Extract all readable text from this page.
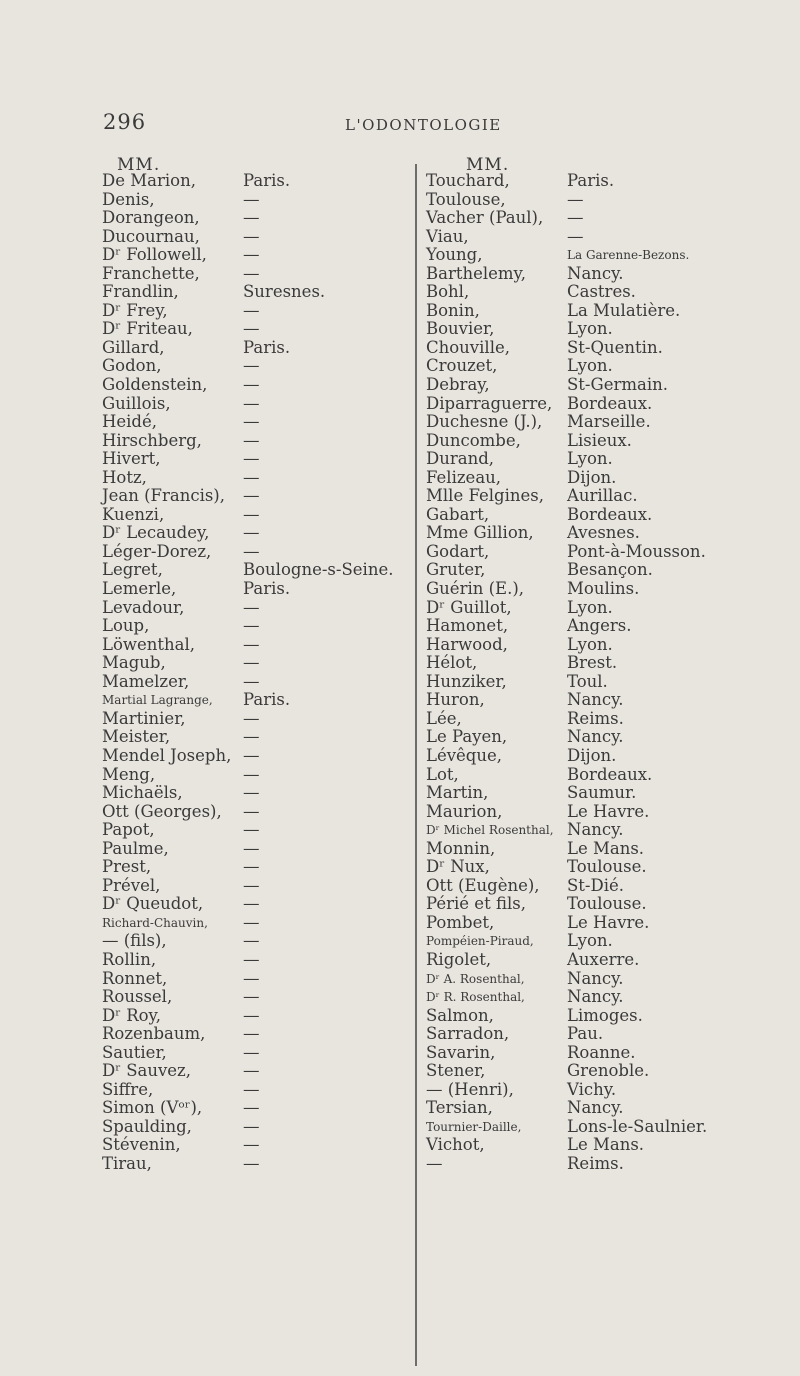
296	L'ODONTOLOGIE
MM.	MM.
De Marion,	Paris.
Denis,	—
Dorangeon,	—
Ducournau,	—
Dʳ Followell, —
Franchette,	—
Frandlin,	Suresnes.
Dʳ Frey,	—
Dʳ Friteau,	—
Gillard,	Paris.
Godon,	—
Goldenstein, —
Guillois,	—
Heidé,	—
Hirschberg, —
Hivert,	—
Hotz,	—
Jean (Francis), —
Kuenzi,	—
Dʳ Lecaudey, —
Léger-Dorez, —
Legret,	Boulogne-s-Seine.
Lemerle,	Paris.
Levadour,	—
Loup,	—
Löwenthal,	—
Magub,	—
Mamelzer,	—
Martial Lagrange, Paris.
Martinier,	—
Meister,	—
Mendel Joseph, —
Meng,	—
Michaëls,	—
Ott (Georges), —
Papot,	—
Paulme,	—
Prest,	—
Prével,	—
Dʳ Queudot, —
Richard-Chauvin, —
— (fils),	—
Rollin,	—
Ronnet,	—
Roussel,	—
Dʳ Roy,	—
Rozenbaum, —
Sautier,	—
Dʳ Sauvez,	—
Siffre,	—
Simon (Vᵒʳ), —
Spaulding,	—
Stévenin,	—
Tirau,	—
Touchard,	Paris.
Toulouse,	—
Vacher (Paul), —
Viau,	—
Young,	La Garenne-Bezons.
Barthelemy, Nancy.
Bohl,	Castres.
Bonin,	La Mulatière.
Bouvier,	Lyon.
Chouville,	St-Quentin.
Crouzet,	Lyon.
Debray,	St-Germain.
Diparraguerre, Bordeaux.
Duchesne (J.), Marseille.
Duncombe,	Lisieux.
Durand,	Lyon.
Felizeau,	Dijon.
Mlle Felgines, Aurillac.
Gabart,	Bordeaux.
Mme Gillion, Avesnes.
Godart,	Pont-à-Mousson.
Gruter,	Besançon.
Guérin (E.),	Moulins.
Dʳ Guillot,	Lyon.
Hamonet,	Angers.
Harwood,	Lyon.
Hélot,	Brest.
Hunziker,	Toul.
Huron,	Nancy.
Lée,	Reims.
Le Payen,	Nancy.
Lévêque,	Dijon.
Lot,	Bordeaux.
Martin,	Saumur.
Maurion,	Le Havre.
Dʳ Michel Rosenthal, Nancy.
Monnin,	Le Mans.
Dʳ Nux,	Toulouse.
Ott (Eugène), St-Dié.
Périé et fils, Toulouse.
Pombet,	Le Havre.
Pompéien-Piraud, Lyon.
Rigolet,	Auxerre.
Dʳ A. Rosenthal,	Nancy.
Dʳ R. Rosenthal,	Nancy.
Salmon,	Limoges.
Sarradon,	Pau.
Savarin,	Roanne.
Stener,	Grenoble.
— (Henri),	Vichy.
Tersian,	Nancy.
Tournier-Daille,	Lons-le-Saulnier.
Vichot,	Le Mans.
—	Reims.
